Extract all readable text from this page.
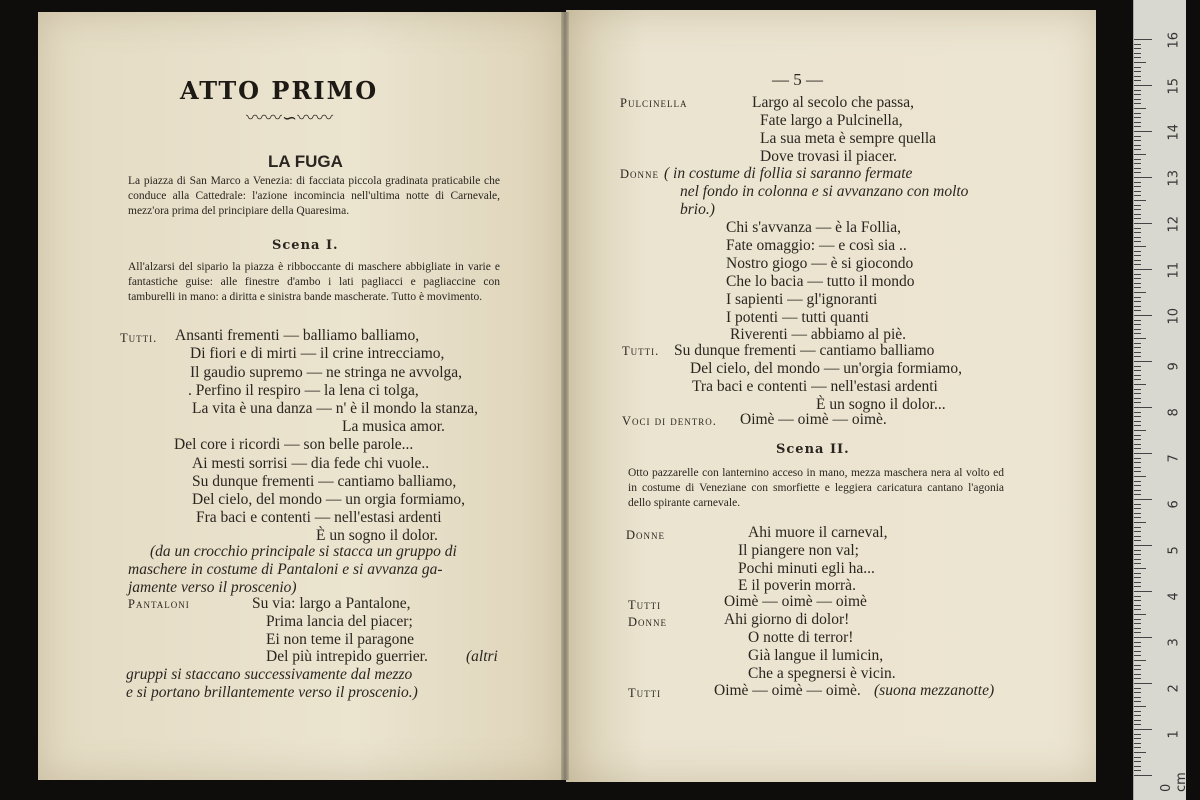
0 cm
1
2
3
4
5
6
7
8
9
10
11
12
13
14
15
16
ATTO PRIMO
〰〰∽〰〰
LA FUGA
La piazza di San Marco a Venezia: di facciata piccola gradinata praticabile che conduce alla Cattedrale: l'azione incomincia nell'ultima notte di Carnevale, mezz'ora prima del principiare della Quaresima.
Scena I.
All'alzarsi del sipario la piazza è ribboccante di maschere abbigliate in varie e fantastiche guise: alle finestre d'ambo i lati pagliacci e pagliaccine con tamburelli in mano: a diritta e sinistra bande mascherate. Tutto è movimento.
Tutti. Ansanti frementi — balliamo balliamo,
Di fiori e di mirti — il crine intrecciamo,
Il gaudio supremo — ne stringa ne avvolga,
. Perfino il respiro — la lena ci tolga,
La vita è una danza — n' è il mondo la stanza,
La musica amor.
Del core i ricordi — son belle parole...
Ai mesti sorrisi — dia fede chi vuole..
Su dunque frementi — cantiamo balliamo,
Del cielo, del mondo — un orgia formiamo,
Fra baci e contenti — nell'estasi ardenti
È un sogno il dolor.
(da un crocchio principale si stacca un gruppo di
maschere in costume di Pantaloni e si avvanza ga-
jamente verso il proscenio)
Pantaloni	Su via: largo a Pantalone,
Prima lancia del piacer;
Ei non teme il paragone
Del più intrepido guerrier. (altri
gruppi si staccano successivamente dal mezzo
e si portano brillantemente verso il proscenio.)
— 5 —
Pulcinella	Largo al secolo che passa,
Fate largo a Pulcinella,
La sua meta è sempre quella
Dove trovasi il piacer.
Donne ( in costume di follia si saranno fermate
nel fondo in colonna e si avvanzano con molto
brio.)
Chi s'avvanza — è la Follia,
Fate omaggio: — e così sia ..
Nostro giogo — è si giocondo
Che lo bacia — tutto il mondo
I sapienti — gl'ignoranti
I potenti — tutti quanti
Riverenti — abbiamo al piè.
Tutti. Su dunque frementi — cantiamo balliamo
Del cielo, del mondo — un'orgia formiamo,
Tra baci e contenti — nell'estasi ardenti
È un sogno il dolor...
Voci di dentro. Oimè — oimè — oimè.
Scena II.
Otto pazzarelle con lanternino acceso in mano, mezza maschera nera al volto ed in costume di Veneziane con smorfiette e leggiera caricatura cantano l'agonia dello spirante carnevale.
Donne	Ahi muore il carneval,
Il piangere non val;
Pochi minuti egli ha...
E il poverin morrà.
Tutti	Oimè — oimè — oimè
Donne	Ahi giorno di dolor!
O notte di terror!
Già langue il lumicin,
Che a spegnersi è vicin.
Tutti	Oimè — oimè — oimè. (suona mezzanotte)
